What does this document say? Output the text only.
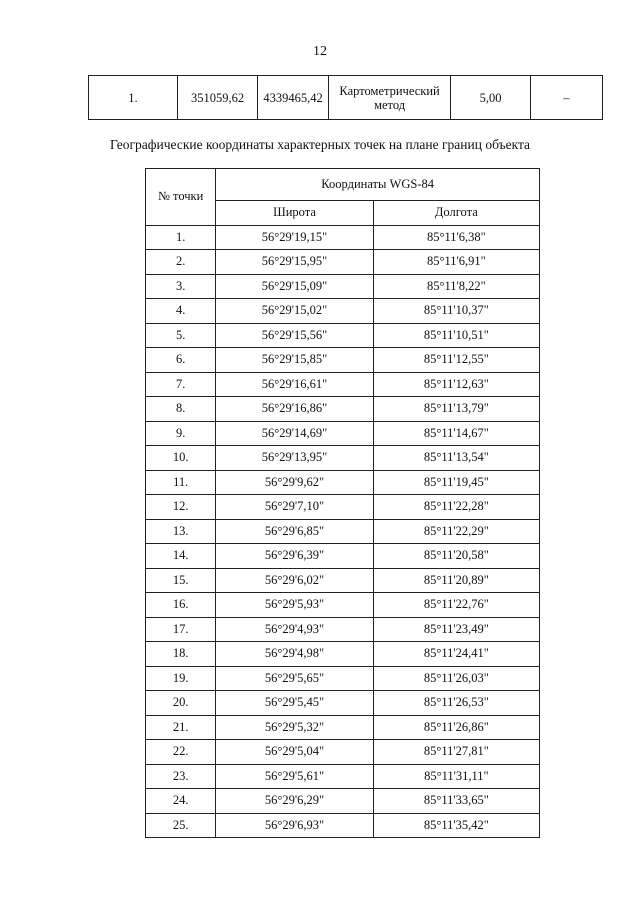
12
1.	351059,62	4339465,42	Картометрический метод	5,00	–
Географические координаты характерных точек на плане границ объекта
№ точки	Координаты WGS-84	
	Широта	Долгота
1.	56°29'19,15"	85°11'6,38"
2.	56°29'15,95"	85°11'6,91"
3.	56°29'15,09"	85°11'8,22"
4.	56°29'15,02"	85°11'10,37"
5.	56°29'15,56"	85°11'10,51"
6.	56°29'15,85"	85°11'12,55"
7.	56°29'16,61"	85°11'12,63"
8.	56°29'16,86"	85°11'13,79"
9.	56°29'14,69"	85°11'14,67"
10.	56°29'13,95"	85°11'13,54"
11.	56°29'9,62"	85°11'19,45"
12.	56°29'7,10"	85°11'22,28"
13.	56°29'6,85"	85°11'22,29"
14.	56°29'6,39"	85°11'20,58"
15.	56°29'6,02"	85°11'20,89"
16.	56°29'5,93"	85°11'22,76"
17.	56°29'4,93"	85°11'23,49"
18.	56°29'4,98"	85°11'24,41"
19.	56°29'5,65"	85°11'26,03"
20.	56°29'5,45"	85°11'26,53"
21.	56°29'5,32"	85°11'26,86"
22.	56°29'5,04"	85°11'27,81"
23.	56°29'5,61"	85°11'31,11"
24.	56°29'6,29"	85°11'33,65"
25.	56°29'6,93"	85°11'35,42"
